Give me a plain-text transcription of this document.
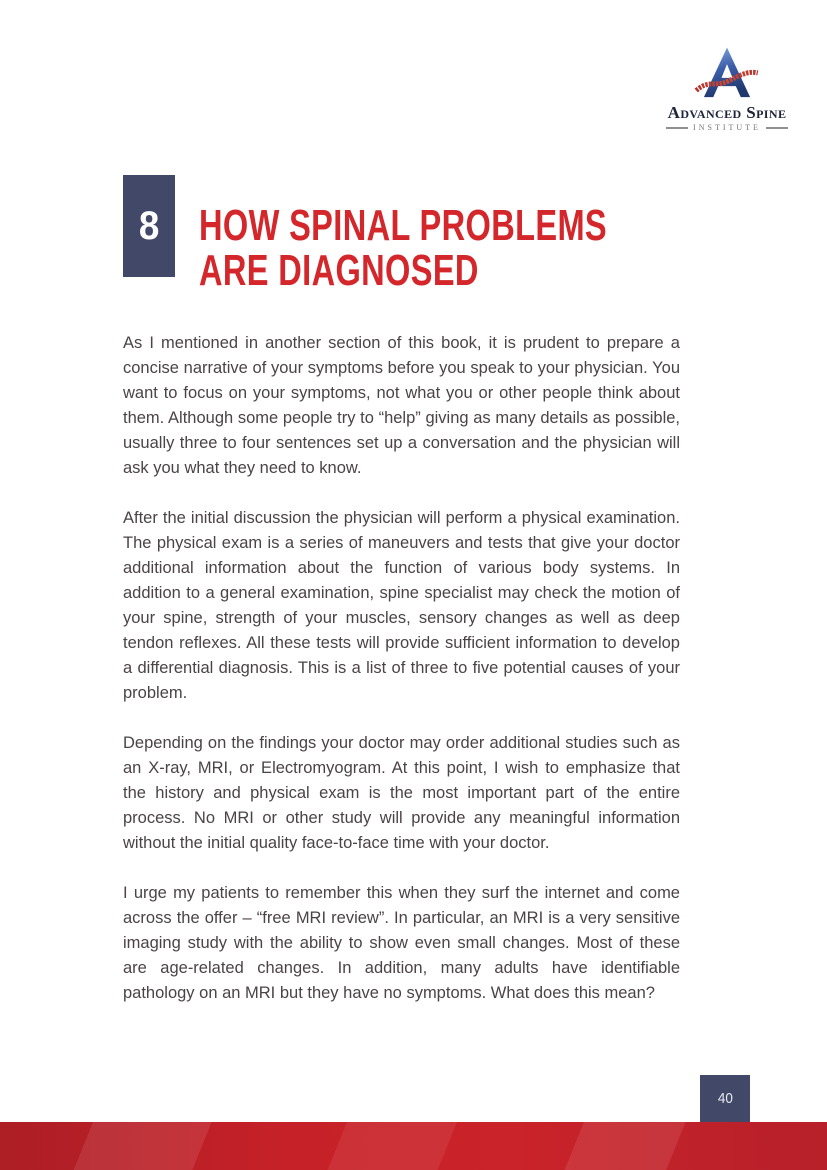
Advanced Spine
INSTITUTE
8 HOW SPINAL PROBLEMS
ARE DIAGNOSED

As I mentioned in another section of this book, it is prudent to prepare a concise narrative of your symptoms before you speak to your physician. You want to focus on your symptoms, not what you or other people think about them. Although some people try to “help” giving as many details as possible, usually three to four sentences set up a conversation and the physician will ask you what they need to know.

After the initial discussion the physician will perform a physical examination. The physical exam is a series of maneuvers and tests that give your doctor additional information about the function of various body systems. In addition to a general examination, spine specialist may check the motion of your spine, strength of your muscles, sensory changes as well as deep tendon reflexes. All these tests will provide sufficient information to develop a differential diagnosis. This is a list of three to five potential causes of your problem.

Depending on the findings your doctor may order additional studies such as an X-ray, MRI, or Electromyogram. At this point, I wish to emphasize that the history and physical exam is the most important part of the entire process. No MRI or other study will provide any meaningful information without the initial quality face-to-face time with your doctor.

I urge my patients to remember this when they surf the internet and come across the offer – “free MRI review”. In particular, an MRI is a very sensitive imaging study with the ability to show even small changes. Most of these are age-related changes. In addition, many adults have identifiable pathology on an MRI but they have no symptoms. What does this mean?

40
